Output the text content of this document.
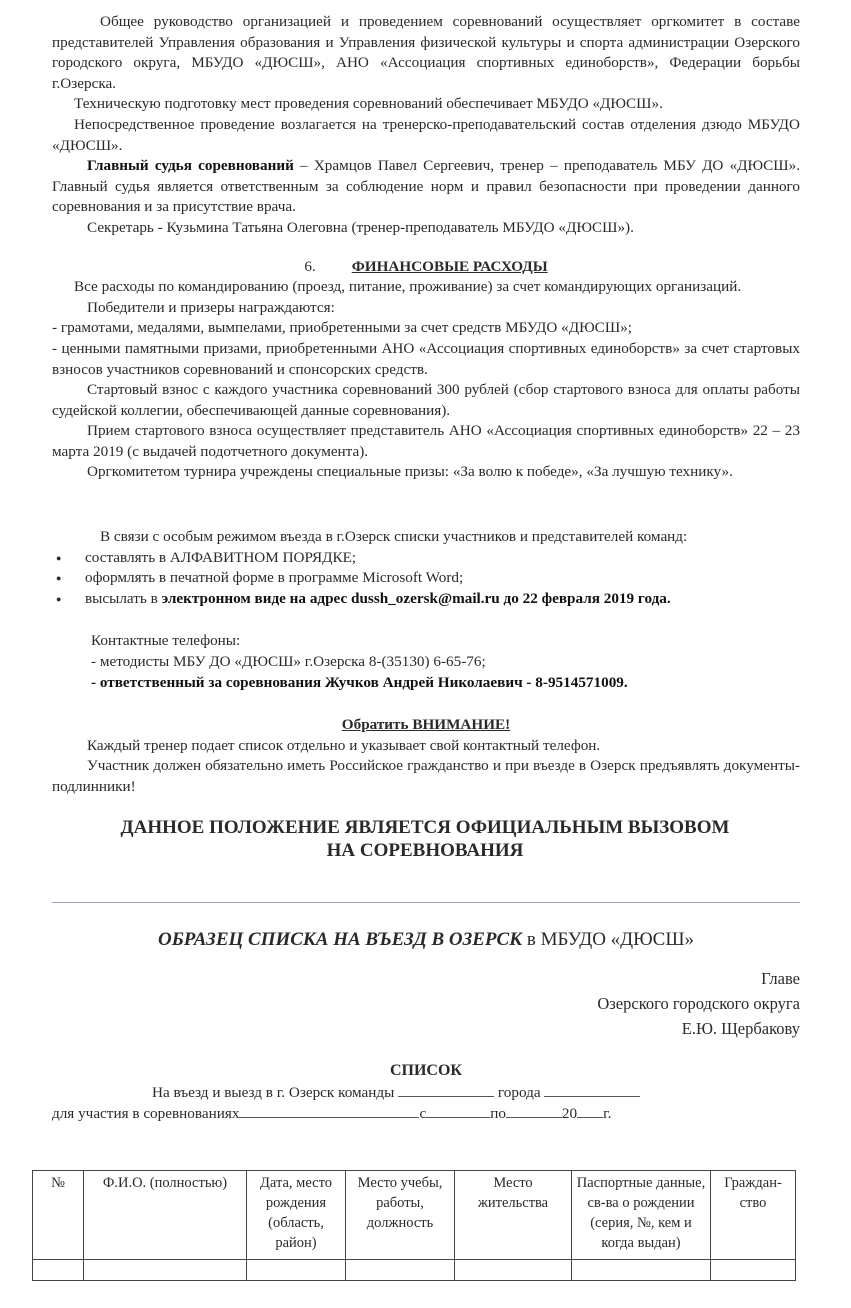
Общее руководство организацией и проведением соревнований осуществляет оргкомитет в составе представителей Управления образования и Управления физической культуры и спорта администрации Озерского городского округа, МБУДО «ДЮСШ», АНО «Ассоциация спортивных единоборств», Федерации борьбы г.Озерска.

Техническую подготовку мест проведения соревнований обеспечивает МБУДО «ДЮСШ».

Непосредственное проведение возлагается на тренерско-преподавательский состав отделения дзюдо МБУДО «ДЮСШ».

Главный судья соревнований – Храмцов Павел Сергеевич, тренер – преподаватель МБУ ДО «ДЮСШ». Главный судья является ответственным за соблюдение норм и правил безопасности при проведении данного соревнования и за присутствие врача.

Секретарь - Кузьмина Татьяна Олеговна (тренер-преподаватель МБУДО «ДЮСШ»).

6. ФИНАНСОВЫЕ РАСХОДЫ

Все расходы по командированию (проезд, питание, проживание) за счет командирующих организаций.

Победители и призеры награждаются:

- грамотами, медалями, вымпелами, приобретенными за счет средств МБУДО «ДЮСШ»;

- ценными памятными призами, приобретенными АНО «Ассоциация спортивных единоборств» за счет стартовых взносов участников соревнований и спонсорских средств.

Стартовый взнос с каждого участника соревнований 300 рублей (сбор стартового взноса для оплаты работы судейской коллегии, обеспечивающей данные соревнования).

Прием стартового взноса осуществляет представитель АНО «Ассоциация спортивных единоборств» 22 – 23 марта 2019 (с выдачей подотчетного документа).

Оргкомитетом турнира учреждены специальные призы: «За волю к победе», «За лучшую технику».

В связи с особым режимом въезда в г.Озерск списки участников и представителей команд:

● составлять в АЛФАВИТНОМ ПОРЯДКЕ;
● оформлять в печатной форме в программе Microsoft Word;
● высылать в электронном виде на адрес dussh_ozersk@mail.ru до 22 февраля 2019 года.

Контактные телефоны:

- методисты МБУ ДО «ДЮСШ» г.Озерска 8-(35130) 6-65-76;

- ответственный за соревнования Жучков Андрей Николаевич - 8-9514571009.

Обратить ВНИМАНИЕ!

Каждый тренер подает список отдельно и указывает свой контактный телефон.

Участник должен обязательно иметь Российское гражданство и при въезде в Озерск предъявлять документы-подлинники!

ДАННОЕ ПОЛОЖЕНИЕ ЯВЛЯЕТСЯ ОФИЦИАЛЬНЫМ ВЫЗОВОМ
НА СОРЕВНОВАНИЯ

ОБРАЗЕЦ СПИСКА НА ВЪЕЗД В ОЗЕРСК в МБУДО «ДЮСШ»

Главе
Озерского городского округа
Е.Ю. Щербакову

СПИСОК

На въезд и выезд в г. Озерск команды	города

для участия в соревнованиях	с	по	20 г.

№	Ф.И.О. (полностью)	Дата, место рождения (область, район)	Место учебы, работы, должность	Место жительства	Паспортные данные, св-ва о рождении (серия, №, кем и когда выдан)	Граждан-ство
